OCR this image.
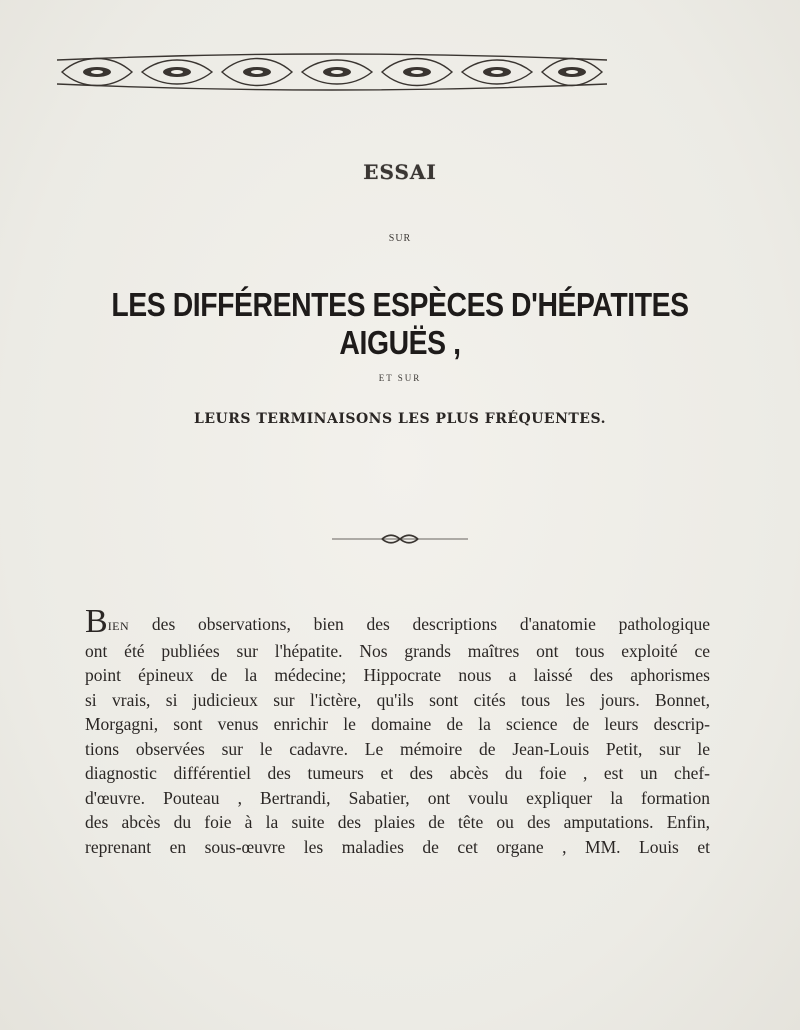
ESSAI
SUR
LES DIFFÉRENTES ESPÈCES D'HÉPATITES AIGUËS ,
ET SUR
LEURS TERMINAISONS LES PLUS FRÉQUENTES.

BIEN des observations, bien des descriptions d'anatomie pathologique

ont été publiées sur l'hépatite. Nos grands maîtres ont tous exploité ce

point épineux de la médecine; Hippocrate nous a laissé des aphorismes

si vrais, si judicieux sur l'ictère, qu'ils sont cités tous les jours. Bonnet,

Morgagni, sont venus enrichir le domaine de la science de leurs descrip-

tions observées sur le cadavre. Le mémoire de Jean-Louis Petit, sur le

diagnostic différentiel des tumeurs et des abcès du foie , est un chef-

d'œuvre. Pouteau , Bertrandi, Sabatier, ont voulu expliquer la formation

des abcès du foie à la suite des plaies de tête ou des amputations. Enfin,

reprenant en sous-œuvre les maladies de cet organe , MM. Louis et
